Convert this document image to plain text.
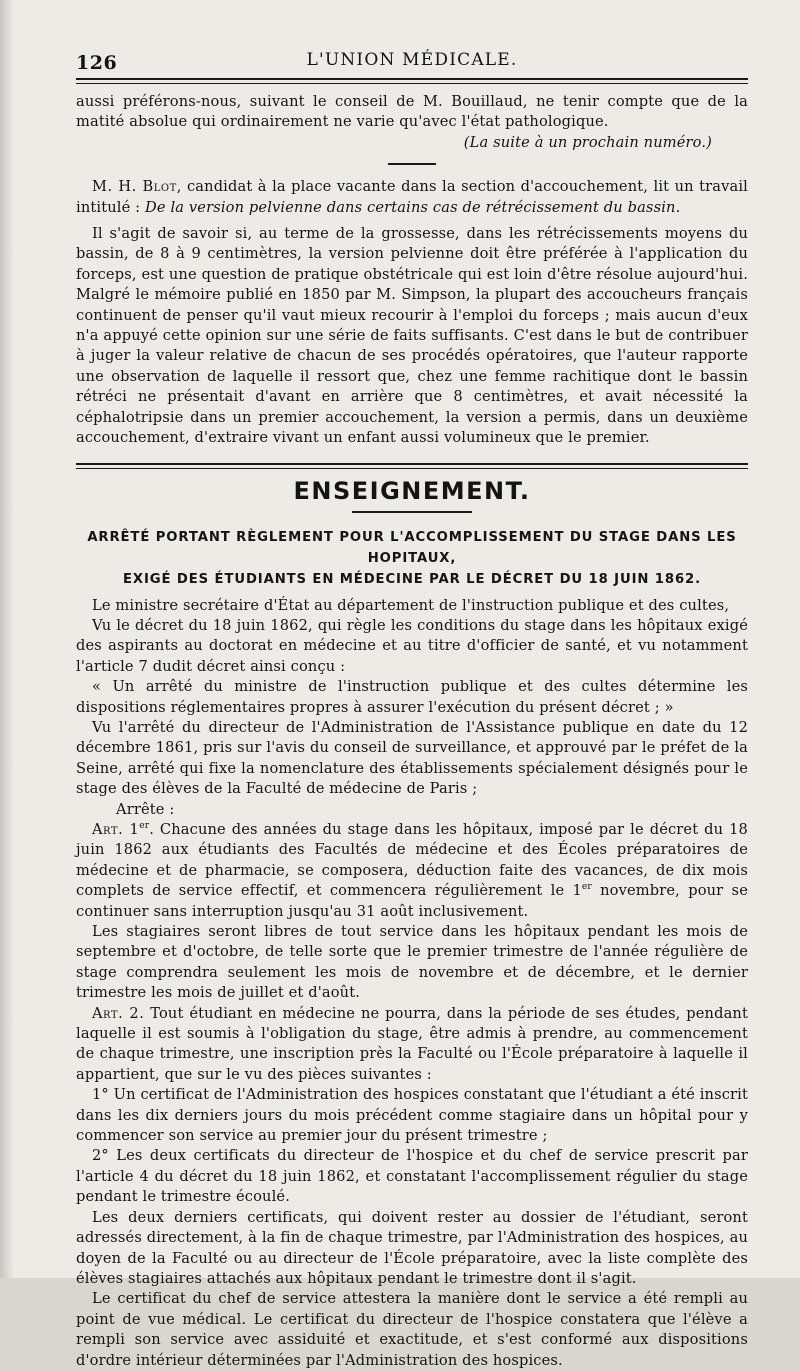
126	L'UNION MÉDICALE.

aussi préférons-nous, suivant le conseil de M. Bouillaud, ne tenir compte que de la matité absolue qui ordinairement ne varie qu'avec l'état pathologique.

(La suite à un prochain numéro.)

M. H. Blot, candidat à la place vacante dans la section d'accouchement, lit un travail intitulé : De la version pelvienne dans certains cas de rétrécissement du bassin.

Il s'agit de savoir si, au terme de la grossesse, dans les rétrécissements moyens du bassin, de 8 à 9 centimètres, la version pelvienne doit être préférée à l'application du forceps, est une question de pratique obstétricale qui est loin d'être résolue aujourd'hui. Malgré le mémoire publié en 1850 par M. Simpson, la plupart des accoucheurs français continuent de penser qu'il vaut mieux recourir à l'emploi du forceps ; mais aucun d'eux n'a appuyé cette opinion sur une série de faits suffisants. C'est dans le but de contribuer à juger la valeur relative de chacun de ses procédés opératoires, que l'auteur rapporte une observation de laquelle il ressort que, chez une femme rachitique dont le bassin rétréci ne présentait d'avant en arrière que 8 centimètres, et avait nécessité la céphalotripsie dans un premier accouchement, la version a permis, dans un deuxième accouchement, d'extraire vivant un enfant aussi volumineux que le premier.

ENSEIGNEMENT.
ARRÊTÉ PORTANT RÈGLEMENT POUR L'ACCOMPLISSEMENT DU STAGE DANS LES HOPITAUX,
EXIGÉ DES ÉTUDIANTS EN MÉDECINE PAR LE DÉCRET DU 18 JUIN 1862.

Le ministre secrétaire d'État au département de l'instruction publique et des cultes,

Vu le décret du 18 juin 1862, qui règle les conditions du stage dans les hôpitaux exigé des aspirants au doctorat en médecine et au titre d'officier de santé, et vu notamment l'article 7 dudit décret ainsi conçu :

« Un arrêté du ministre de l'instruction publique et des cultes détermine les dispositions réglementaires propres à assurer l'exécution du présent décret ; »

Vu l'arrêté du directeur de l'Administration de l'Assistance publique en date du 12 décembre 1861, pris sur l'avis du conseil de surveillance, et approuvé par le préfet de la Seine, arrêté qui fixe la nomenclature des établissements spécialement désignés pour le stage des élèves de la Faculté de médecine de Paris ;

Arrête :

Art. 1er. Chacune des années du stage dans les hôpitaux, imposé par le décret du 18 juin 1862 aux étudiants des Facultés de médecine et des Écoles préparatoires de médecine et de pharmacie, se composera, déduction faite des vacances, de dix mois complets de service effectif, et commencera régulièrement le 1er novembre, pour se continuer sans interruption jusqu'au 31 août inclusivement.

Les stagiaires seront libres de tout service dans les hôpitaux pendant les mois de septembre et d'octobre, de telle sorte que le premier trimestre de l'année régulière de stage comprendra seulement les mois de novembre et de décembre, et le dernier trimestre les mois de juillet et d'août.

Art. 2. Tout étudiant en médecine ne pourra, dans la période de ses études, pendant laquelle il est soumis à l'obligation du stage, être admis à prendre, au commencement de chaque trimestre, une inscription près la Faculté ou l'École préparatoire à laquelle il appartient, que sur le vu des pièces suivantes :

1° Un certificat de l'Administration des hospices constatant que l'étudiant a été inscrit dans les dix derniers jours du mois précédent comme stagiaire dans un hôpital pour y commencer son service au premier jour du présent trimestre ;

2° Les deux certificats du directeur de l'hospice et du chef de service prescrit par l'article 4 du décret du 18 juin 1862, et constatant l'accomplissement régulier du stage pendant le trimestre écoulé.

Les deux derniers certificats, qui doivent rester au dossier de l'étudiant, seront adressés directement, à la fin de chaque trimestre, par l'Administration des hospices, au doyen de la Faculté ou au directeur de l'École préparatoire, avec la liste complète des élèves stagiaires attachés aux hôpitaux pendant le trimestre dont il s'agit.

Le certificat du chef de service attestera la manière dont le service a été rempli au point de vue médical. Le certificat du directeur de l'hospice constatera que l'élève a rempli son service avec assiduité et exactitude, et s'est conformé aux dispositions d'ordre intérieur déterminées par l'Administration des hospices.
